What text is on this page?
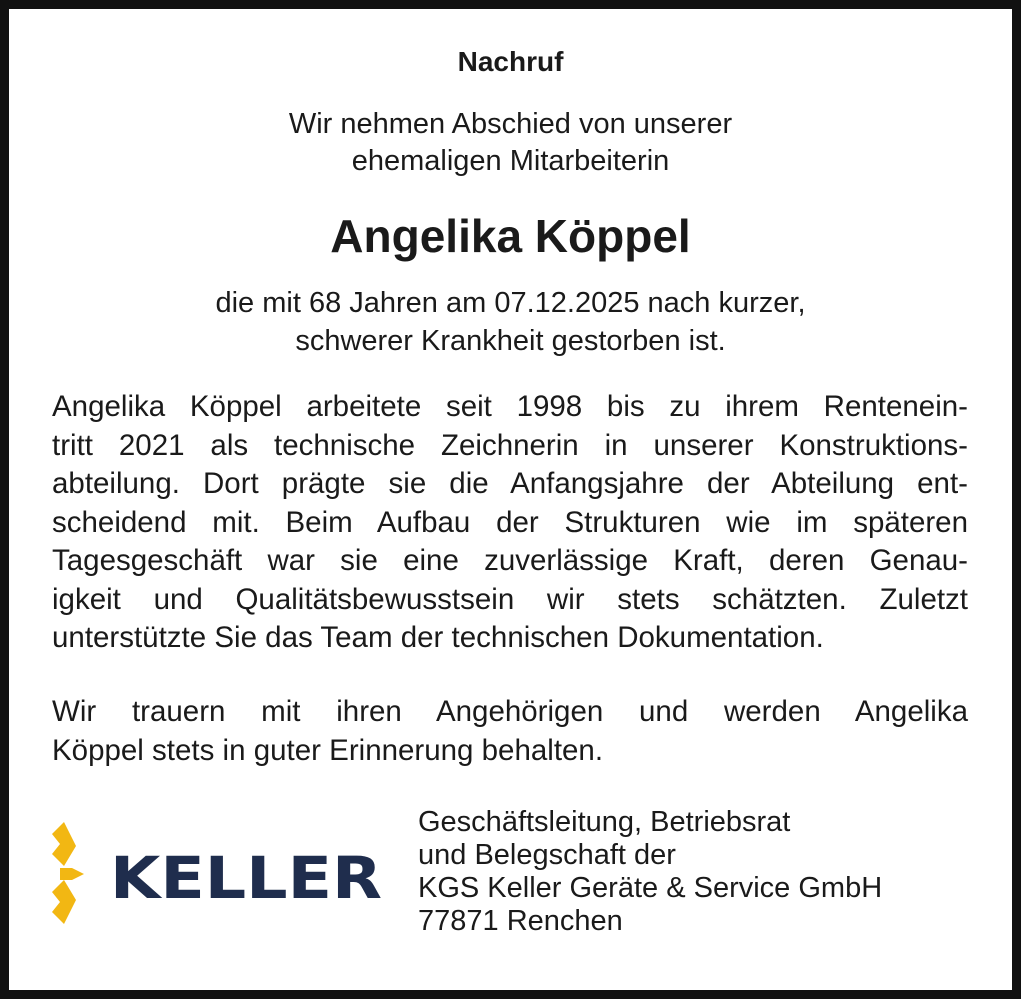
Nachruf
Wir nehmen Abschied von unserer
ehemaligen Mitarbeiterin
Angelika Köppel
die mit 68 Jahren am 07.12.2025 nach kurzer,
schwerer Krankheit gestorben ist.
Angelika Köppel arbeitete seit 1998 bis zu ihrem Rentenein-
tritt 2021 als technische Zeichnerin in unserer Konstruktions-
abteilung. Dort prägte sie die Anfangsjahre der Abteilung ent-
scheidend mit. Beim Aufbau der Strukturen wie im späteren
Tagesgeschäft war sie eine zuverlässige Kraft, deren Genau-
igkeit und Qualitätsbewusstsein wir stets schätzten. Zuletzt
unterstützte Sie das Team der technischen Dokumentation.
Wir trauern mit ihren Angehörigen und werden Angelika
Köppel stets in guter Erinnerung behalten.
KELLER
Geschäftsleitung, Betriebsrat
und Belegschaft der
KGS Keller Geräte & Service GmbH
77871 Renchen
